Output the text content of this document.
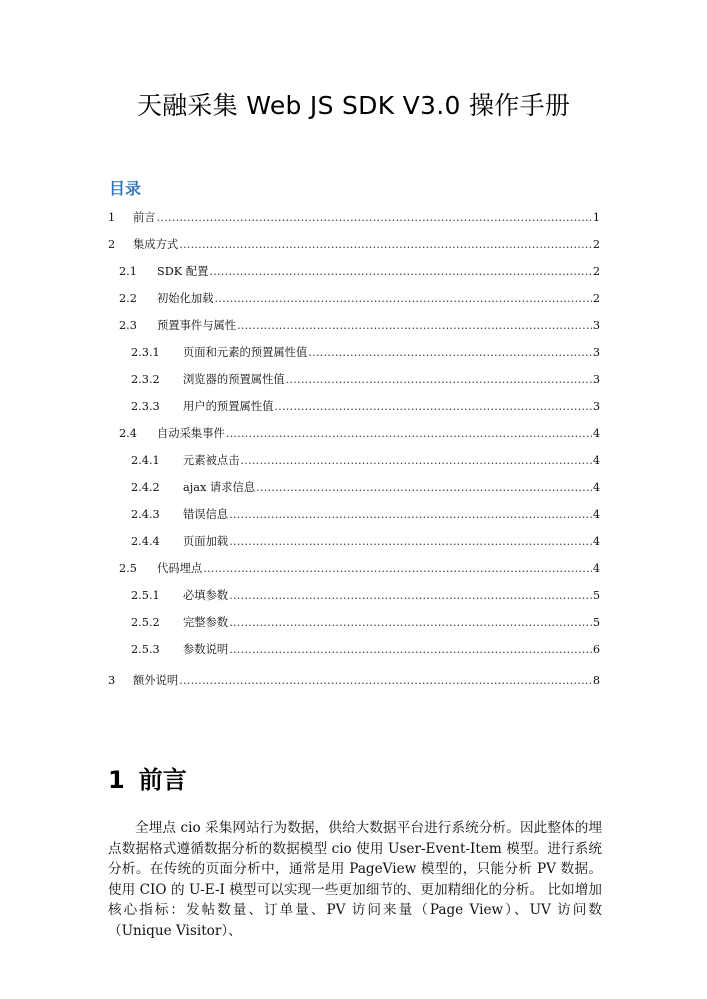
天融采集 Web JS SDK V3.0 操作手册
目录
1	前言 .....	1
2	集成方式 .....	2
2.1	SDK 配置 .....	2
2.2	初始化加载 .....	2
2.3	预置事件与属性 .....	3
2.3.1	页面和元素的预置属性值 .....	3
2.3.2	浏览器的预置属性值 .....	3
2.3.3	用户的预置属性值 .....	3
2.4	自动采集事件 .....	4
2.4.1	元素被点击 .....	4
2.4.2	ajax 请求信息 .....	4
2.4.3	错误信息 .....	4
2.4.4	页面加载 .....	4
2.5	代码埋点 .....	4
2.5.1	必填参数 .....	5
2.5.2	完整参数 .....	5
2.5.3	参数说明 .....	6
3	额外说明 .....	8
1 前言

全埋点 cio 采集网站行为数据，供给大数据平台进行系统分析。因此整体的埋点数据格式遵循数据分析的数据模型 cio 使用 User-Event-Item 模型。进行系统分析。在传统的页面分析中，通常是用 PageView 模型的，只能分析 PV 数据。使用 CIO 的 U-E-I 模型可以实现一些更加细节的、更加精细化的分析。 比如增加核心指标：发帖数量、订单量、PV 访问来量（Page View）、UV 访问数（Unique Visitor）、
